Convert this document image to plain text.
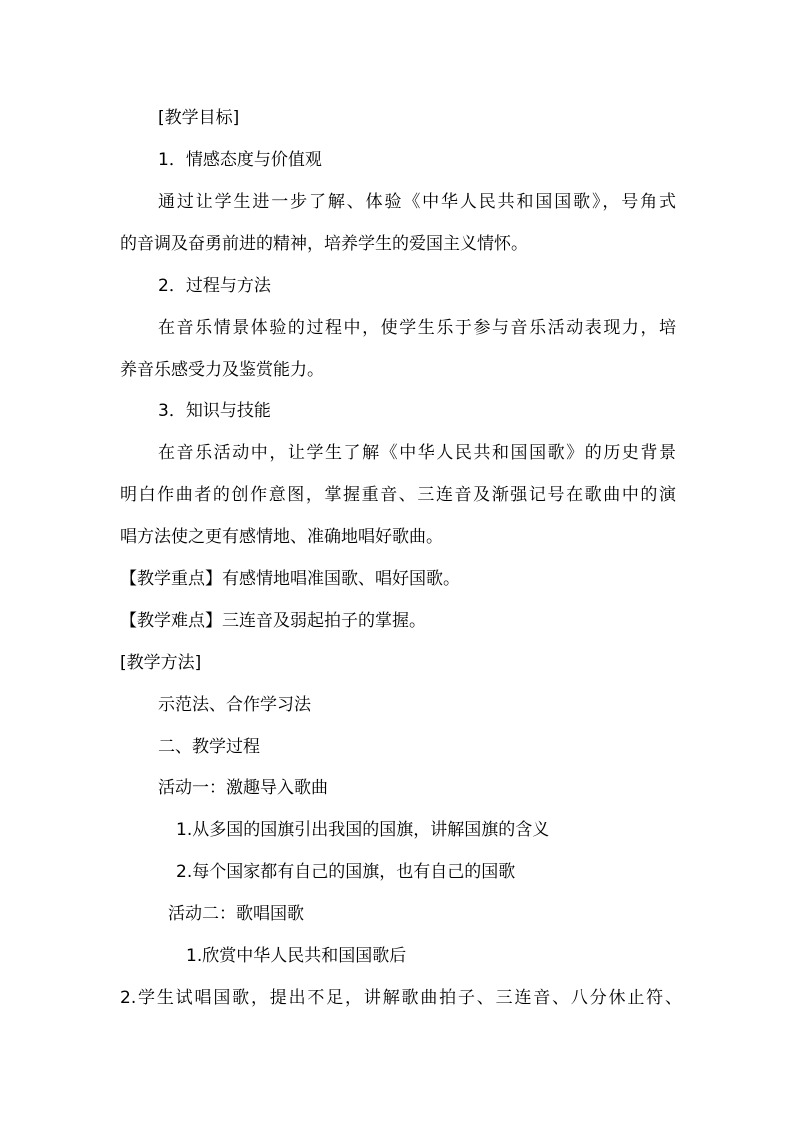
[教学目标]
1．情感态度与价值观
通过让学生进一步了解、体验《中华人民共和国国歌》，号角式
的音调及奋勇前进的精神，培养学生的爱国主义情怀。
2．过程与方法
在音乐情景体验的过程中，使学生乐于参与音乐活动表现力，培
养音乐感受力及鉴赏能力。
3．知识与技能
在音乐活动中，让学生了解《中华人民共和国国歌》的历史背景
明白作曲者的创作意图，掌握重音、三连音及渐强记号在歌曲中的演
唱方法使之更有感情地、准确地唱好歌曲。
【教学重点】有感情地唱准国歌、唱好国歌。
【教学难点】三连音及弱起拍子的掌握。
[教学方法]
示范法、合作学习法
二、教学过程
活动一：激趣导入歌曲
1.从多国的国旗引出我国的国旗，讲解国旗的含义
2.每个国家都有自己的国旗，也有自己的国歌
活动二：歌唱国歌
1.欣赏中华人民共和国国歌后
2.学生试唱国歌，提出不足，讲解歌曲拍子、三连音、八分休止符、
